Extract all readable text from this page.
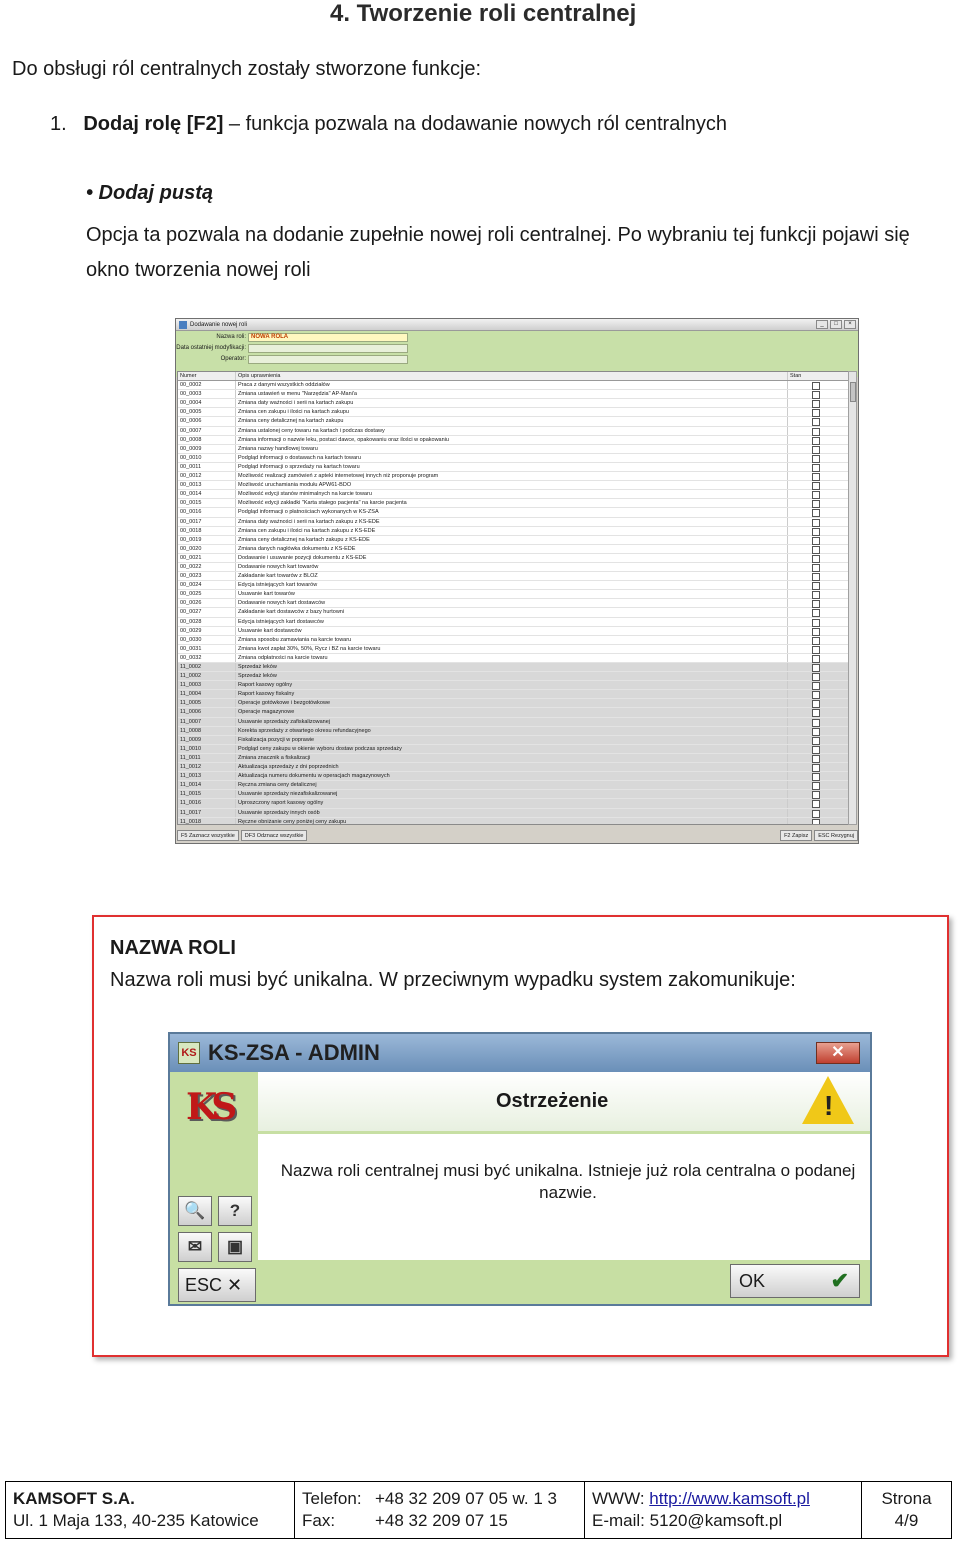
4. Tworzenie roli centralnej
Do obsługi ról centralnych zostały stworzone funkcje:
1. Dodaj rolę [F2] – funkcja pozwala na dodawanie nowych ról centralnych
• Dodaj pustą
Opcja ta pozwala na dodanie zupełnie nowej roli centralnej. Po wybraniu tej funkcji pojawi się okno tworzenia nowej roli
Dodawanie nowej roli	_	□	×
Nazwa roli: NOWA ROLA
Data ostatniej modyfikacji:
Operator:
Numer	Opis uprawnienia	Stan
00_0002	Praca z danymi wszystkich oddziałów
00_0003	Zmiana ustawień w menu "Narzędzia" AP-Mani'a
00_0004	Zmiana daty ważności i serii na kartach zakupu
00_0005	Zmiana cen zakupu i ilości na kartach zakupu
00_0006	Zmiana ceny detalicznej na kartach zakupu
00_0007	Zmiana ustalonej ceny towaru na kartach i podczas dostawy
00_0008	Zmiana informacji o nazwie leku, postaci dawce, opakowaniu oraz ilości w opakowaniu
00_0009	Zmiana nazwy handlowej towaru
00_0010	Podgląd informacji o dostawach na kartach towaru
00_0011	Podgląd informacji o sprzedaży na kartach towaru
00_0012	Możliwość realizacji zamówień z apteki internetowej innych niż proponuje program
00_0013	Możliwość uruchamiania modułu APW61-BDO
00_0014	Możliwość edycji stanów minimalnych na karcie towaru
00_0015	Możliwość edycji zakładki "Karta stałego pacjenta" na karcie pacjenta
00_0016	Podgląd informacji o płatnościach wykonanych w KS-ZSA
00_0017	Zmiana daty ważności i serii na kartach zakupu z KS-EDE
00_0018	Zmiana cen zakupu i ilości na kartach zakupu z KS-EDE
00_0019	Zmiana ceny detalicznej na kartach zakupu z KS-EDE
00_0020	Zmiana danych nagłówka dokumentu z KS-EDE
00_0021	Dodawanie i usuwanie pozycji dokumentu z KS-EDE
00_0022	Dodawanie nowych kart towarów
00_0023	Zakładanie kart towarów z BLOZ
00_0024	Edycja istniejących kart towarów
00_0025	Usuwanie kart towarów
00_0026	Dodawanie nowych kart dostawców
00_0027	Zakładanie kart dostawców z bazy hurtowni
00_0028	Edycja istniejących kart dostawców
00_0029	Usuwanie kart dostawców
00_0030	Zmiana sposobu zamawiania na karcie towaru
00_0031	Zmiana kwot zapłat 30%, 50%, Rycz i BZ na karcie towaru
00_0032	Zmiana odpłatności na karcie towaru
11_0002	Sprzedaż leków
11_0002	Sprzedaż leków
11_0003	Raport kasowy ogólny
11_0004	Raport kasowy fiskalny
11_0005	Operacje gotówkowe i bezgotówkowe
11_0006	Operacje magazynowe
11_0007	Usuwanie sprzedaży zafiskalizowanej
11_0008	Korekta sprzedaży z otwartego okresu refundacyjnego
11_0009	Fiskalizacja pozycji w poprawie
11_0010	Podgląd ceny zakupu w okienie wyboru dostaw podczas sprzedaży
11_0011	Zmiana znacznik a fiskalizacji
11_0012	Aktualizacja sprzedaży z dni poprzednich
11_0013	Aktualizacja numeru dokumentu w operacjach magazynowych
11_0014	Ręczna zmiana ceny detalicznej
11_0015	Usuwanie sprzedaży niezafiskalizowanej
11_0016	Uproszczony raport kasowy ogólny
11_0017	Usuwanie sprzedaży innych osób
11_0018	Ręczne obniżanie ceny poniżej ceny zakupu
F5 Zaznacz wszystkie	DF3 Odznacz wszystkie	F2 Zapisz	ESC Rezygnuj
NAZWA ROLI
Nazwa roli musi być unikalna. W przeciwnym wypadku system zakomunikuje:
KS KS-ZSA - ADMIN	✕
KS
🔍	?
✉	▣
ESC ✕
Ostrzeżenie	!
Nazwa roli centralnej musi być unikalna. Istnieje już rola centralna o podanej nazwie.
OK	✔
KAMSOFT S.A.
Ul. 1 Maja 133, 40-235 Katowice
Telefon: +48 32 209 07 05 w. 1 3
Fax: +48 32 209 07 15
WWW: http://www.kamsoft.pl
E-mail: 5120@kamsoft.pl
Strona
4/9
